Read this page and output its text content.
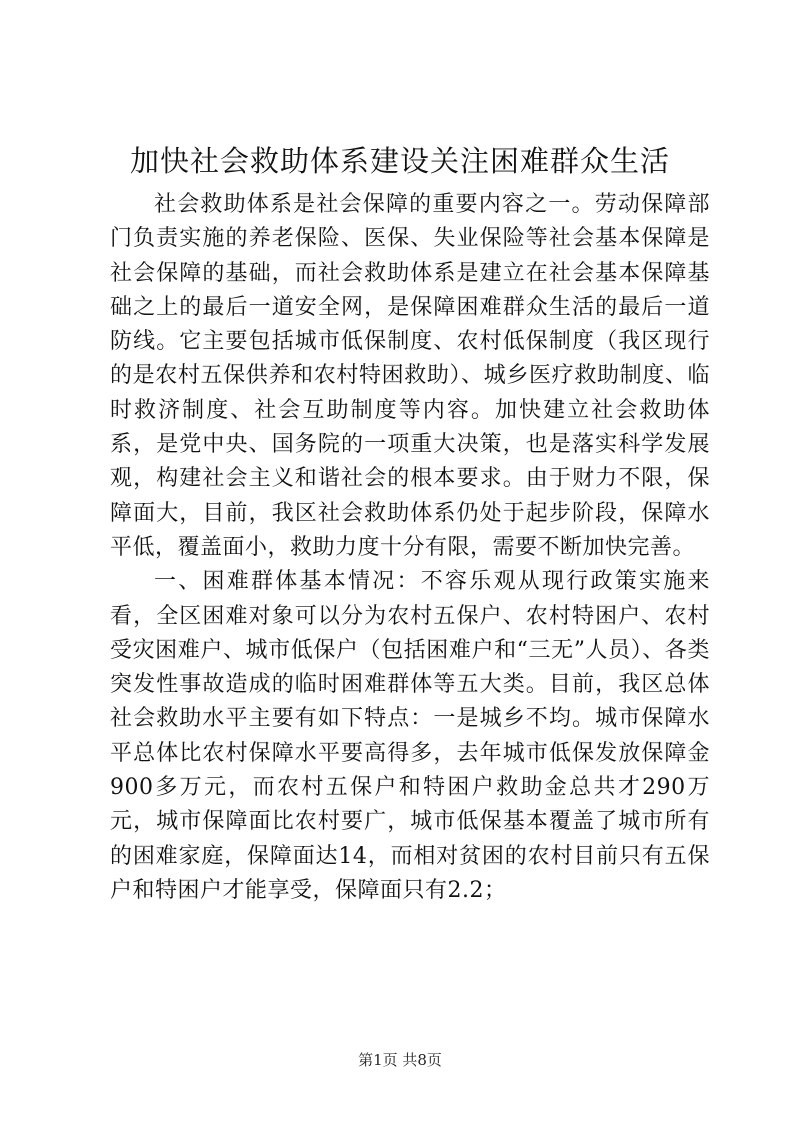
加快社会救助体系建设关注困难群众生活

社会救助体系是社会保障的重要内容之一。劳动保障部门负责实施的养老保险、医保、失业保险等社会基本保障是社会保障的基础，而社会救助体系是建立在社会基本保障基础之上的最后一道安全网，是保障困难群众生活的最后一道防线。它主要包括城市低保制度、农村低保制度（我区现行的是农村五保供养和农村特困救助）、城乡医疗救助制度、临时救济制度、社会互助制度等内容。加快建立社会救助体系，是党中央、国务院的一项重大决策，也是落实科学发展观，构建社会主义和谐社会的根本要求。由于财力不限，保障面大，目前，我区社会救助体系仍处于起步阶段，保障水平低，覆盖面小，救助力度十分有限，需要不断加快完善。

一、困难群体基本情况：不容乐观从现行政策实施来看，全区困难对象可以分为农村五保户、农村特困户、农村受灾困难户、城市低保户（包括困难户和“三无”人员）、各类突发性事故造成的临时困难群体等五大类。目前，我区总体社会救助水平主要有如下特点：一是城乡不均。城市保障水平总体比农村保障水平要高得多，去年城市低保发放保障金900多万元，而农村五保户和特困户救助金总共才290万元，城市保障面比农村要广，城市低保基本覆盖了城市所有的困难家庭，保障面达14，而相对贫困的农村目前只有五保户和特困户才能享受，保障面只有2.2；

第1页 共8页
